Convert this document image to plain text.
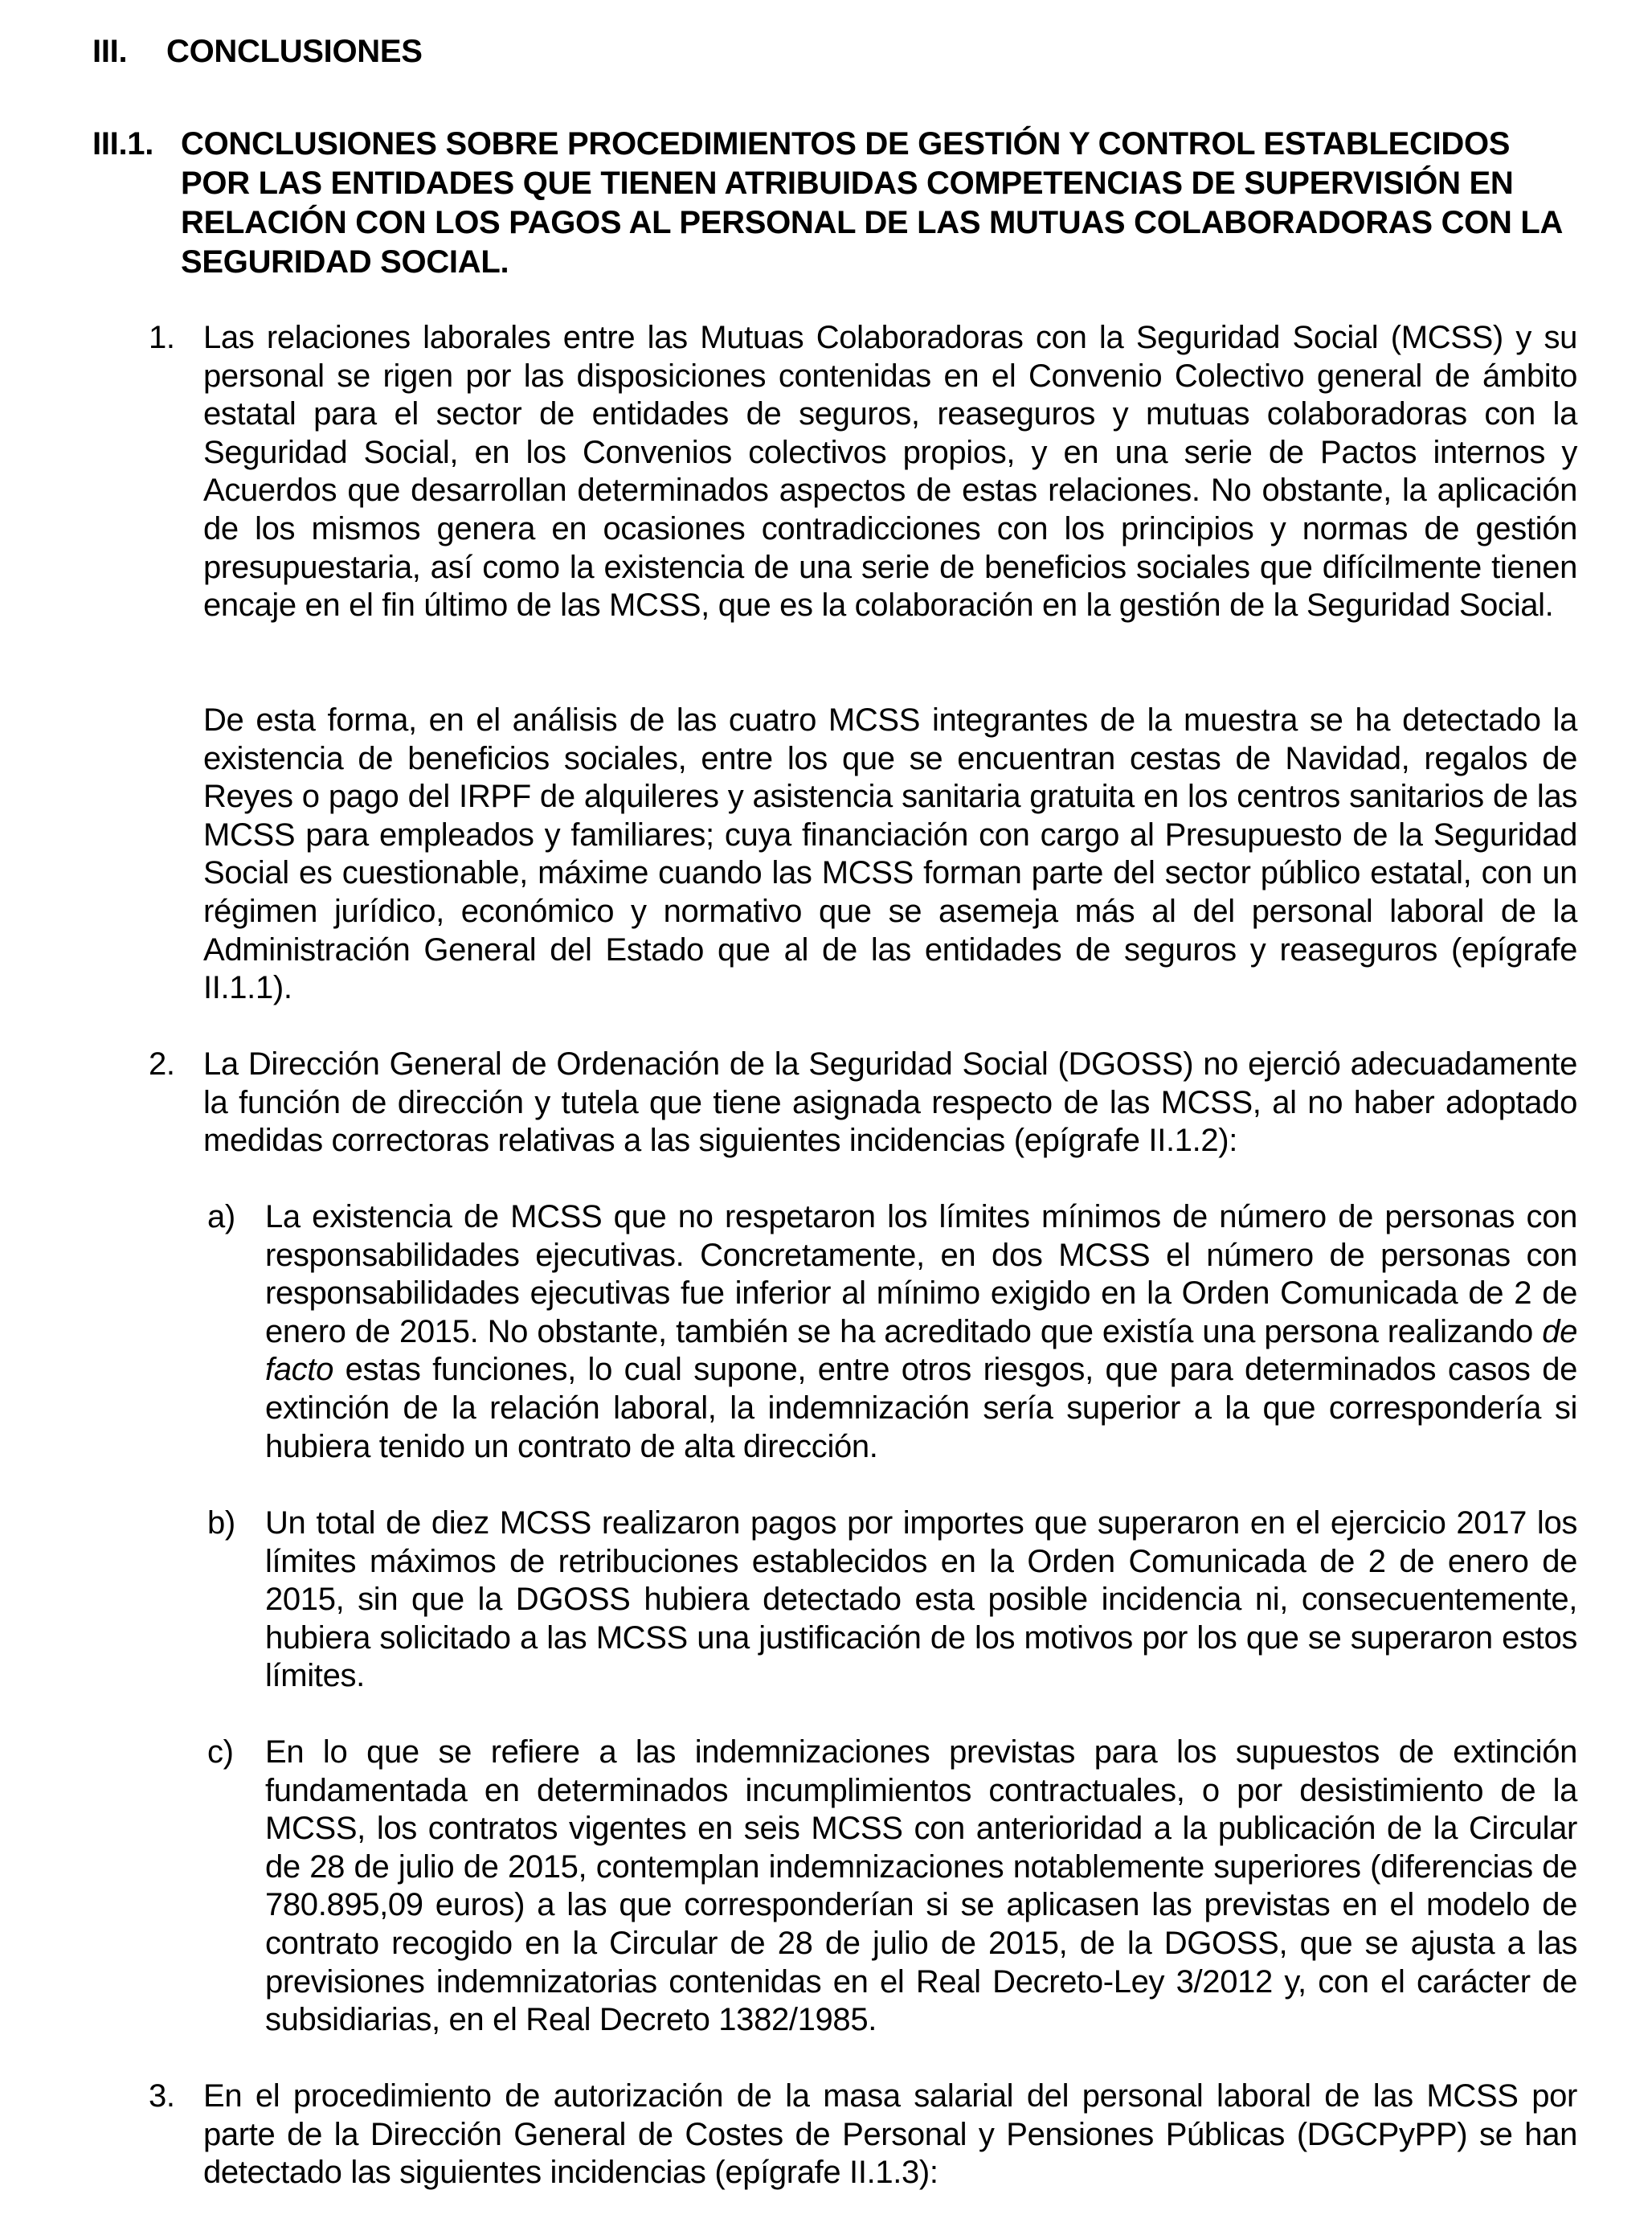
III.	CONCLUSIONES
III.1. CONCLUSIONES SOBRE PROCEDIMIENTOS DE GESTIÓN Y CONTROL ESTABLECIDOS POR LAS ENTIDADES QUE TIENEN ATRIBUIDAS COMPETENCIAS DE SUPERVISIÓN EN RELACIÓN CON LOS PAGOS AL PERSONAL DE LAS MUTUAS COLABORADORAS CON LA SEGURIDAD SOCIAL.
1. Las relaciones laborales entre las Mutuas Colaboradoras con la Seguridad Social (MCSS) y su personal se rigen por las disposiciones contenidas en el Convenio Colectivo general de ámbito estatal para el sector de entidades de seguros, reaseguros y mutuas colaboradoras con la Seguridad Social, en los Convenios colectivos propios, y en una serie de Pactos internos y Acuerdos que desarrollan determinados aspectos de estas relaciones. No obstante, la aplicación de los mismos genera en ocasiones contradicciones con los principios y normas de gestión presupuestaria, así como la existencia de una serie de beneficios sociales que difícilmente tienen encaje en el fin último de las MCSS, que es la colaboración en la gestión de la Seguridad Social.

De esta forma, en el análisis de las cuatro MCSS integrantes de la muestra se ha detectado la existencia de beneficios sociales, entre los que se encuentran cestas de Navidad, regalos de Reyes o pago del IRPF de alquileres y asistencia sanitaria gratuita en los centros sanitarios de las MCSS para empleados y familiares; cuya financiación con cargo al Presupuesto de la Seguridad Social es cuestionable, máxime cuando las MCSS forman parte del sector público estatal, con un régimen jurídico, económico y normativo que se asemeja más al del personal laboral de la Administración General del Estado que al de las entidades de seguros y reaseguros (epígrafe II.1.1).

2. La Dirección General de Ordenación de la Seguridad Social (DGOSS) no ejerció adecuadamente la función de dirección y tutela que tiene asignada respecto de las MCSS, al no haber adoptado medidas correctoras relativas a las siguientes incidencias (epígrafe II.1.2):

a) La existencia de MCSS que no respetaron los límites mínimos de número de personas con responsabilidades ejecutivas. Concretamente, en dos MCSS el número de personas con responsabilidades ejecutivas fue inferior al mínimo exigido en la Orden Comunicada de 2 de enero de 2015. No obstante, también se ha acreditado que existía una persona realizando de facto estas funciones, lo cual supone, entre otros riesgos, que para determinados casos de extinción de la relación laboral, la indemnización sería superior a la que correspondería si hubiera tenido un contrato de alta dirección.

b) Un total de diez MCSS realizaron pagos por importes que superaron en el ejercicio 2017 los límites máximos de retribuciones establecidos en la Orden Comunicada de 2 de enero de 2015, sin que la DGOSS hubiera detectado esta posible incidencia ni, consecuentemente, hubiera solicitado a las MCSS una justificación de los motivos por los que se superaron estos límites.

c) En lo que se refiere a las indemnizaciones previstas para los supuestos de extinción fundamentada en determinados incumplimientos contractuales, o por desistimiento de la MCSS, los contratos vigentes en seis MCSS con anterioridad a la publicación de la Circular de 28 de julio de 2015, contemplan indemnizaciones notablemente superiores (diferencias de 780.895,09 euros) a las que corresponderían si se aplicasen las previstas en el modelo de contrato recogido en la Circular de 28 de julio de 2015, de la DGOSS, que se ajusta a las previsiones indemnizatorias contenidas en el Real Decreto-Ley 3/2012 y, con el carácter de subsidiarias, en el Real Decreto 1382/1985.

3. En el procedimiento de autorización de la masa salarial del personal laboral de las MCSS por parte de la Dirección General de Costes de Personal y Pensiones Públicas (DGCPyPP) se han detectado las siguientes incidencias (epígrafe II.1.3):
